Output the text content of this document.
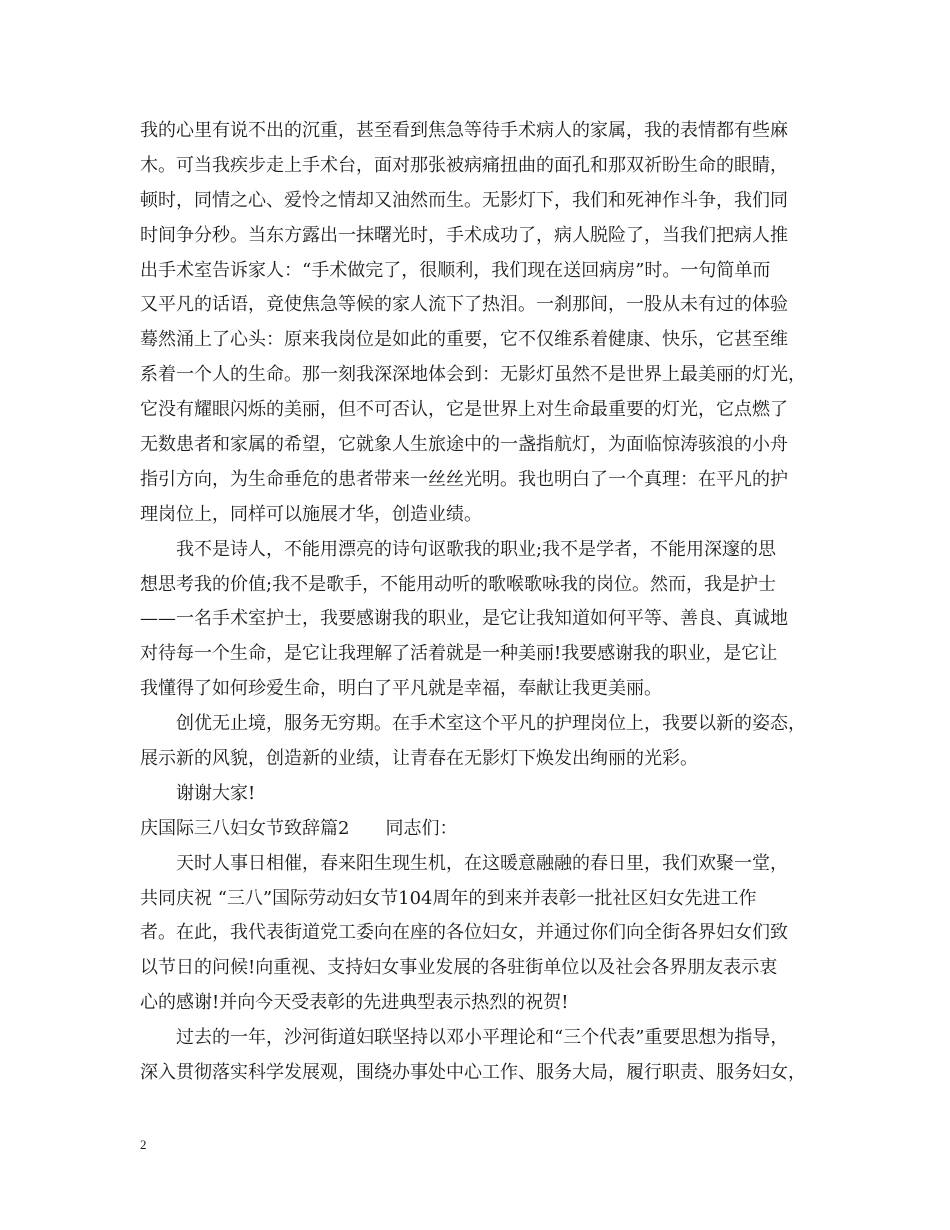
我的心里有说不出的沉重，甚至看到焦急等待手术病人的家属，我的表情都有些麻
木。可当我疾步走上手术台，面对那张被病痛扭曲的面孔和那双祈盼生命的眼睛，
顿时，同情之心、爱怜之情却又油然而生。无影灯下，我们和死神作斗争，我们同
时间争分秒。当东方露出一抹曙光时，手术成功了，病人脱险了，当我们把病人推
出手术室告诉家人：“手术做完了，很顺利，我们现在送回病房”时。一句简单而
又平凡的话语，竟使焦急等候的家人流下了热泪。一刹那间，一股从未有过的体验
蓦然涌上了心头：原来我岗位是如此的重要，它不仅维系着健康、快乐，它甚至维
系着一个人的生命。那一刻我深深地体会到：无影灯虽然不是世界上最美丽的灯光，
它没有耀眼闪烁的美丽，但不可否认，它是世界上对生命最重要的灯光，它点燃了
无数患者和家属的希望，它就象人生旅途中的一盏指航灯，为面临惊涛骇浪的小舟
指引方向，为生命垂危的患者带来一丝丝光明。我也明白了一个真理：在平凡的护
理岗位上，同样可以施展才华，创造业绩。
我不是诗人，不能用漂亮的诗句讴歌我的职业;我不是学者，不能用深邃的思
想思考我的价值;我不是歌手，不能用动听的歌喉歌咏我的岗位。然而，我是护士
——一名手术室护士，我要感谢我的职业，是它让我知道如何平等、善良、真诚地
对待每一个生命，是它让我理解了活着就是一种美丽!我要感谢我的职业，是它让
我懂得了如何珍爱生命，明白了平凡就是幸福，奉献让我更美丽。
创优无止境，服务无穷期。在手术室这个平凡的护理岗位上，我要以新的姿态，
展示新的风貌，创造新的业绩，让青春在无影灯下焕发出绚丽的光彩。
谢谢大家!
庆国际三八妇女节致辞篇2　　同志们：
天时人事日相催，春来阳生现生机，在这暖意融融的春日里，我们欢聚一堂，
共同庆祝 “三八”国际劳动妇女节104周年的到来并表彰一批社区妇女先进工作
者。在此，我代表街道党工委向在座的各位妇女，并通过你们向全街各界妇女们致
以节日的问候!向重视、支持妇女事业发展的各驻街单位以及社会各界朋友表示衷
心的感谢!并向今天受表彰的先进典型表示热烈的祝贺!
过去的一年，沙河街道妇联坚持以邓小平理论和“三个代表”重要思想为指导，
深入贯彻落实科学发展观，围绕办事处中心工作、服务大局，履行职责、服务妇女，
2
